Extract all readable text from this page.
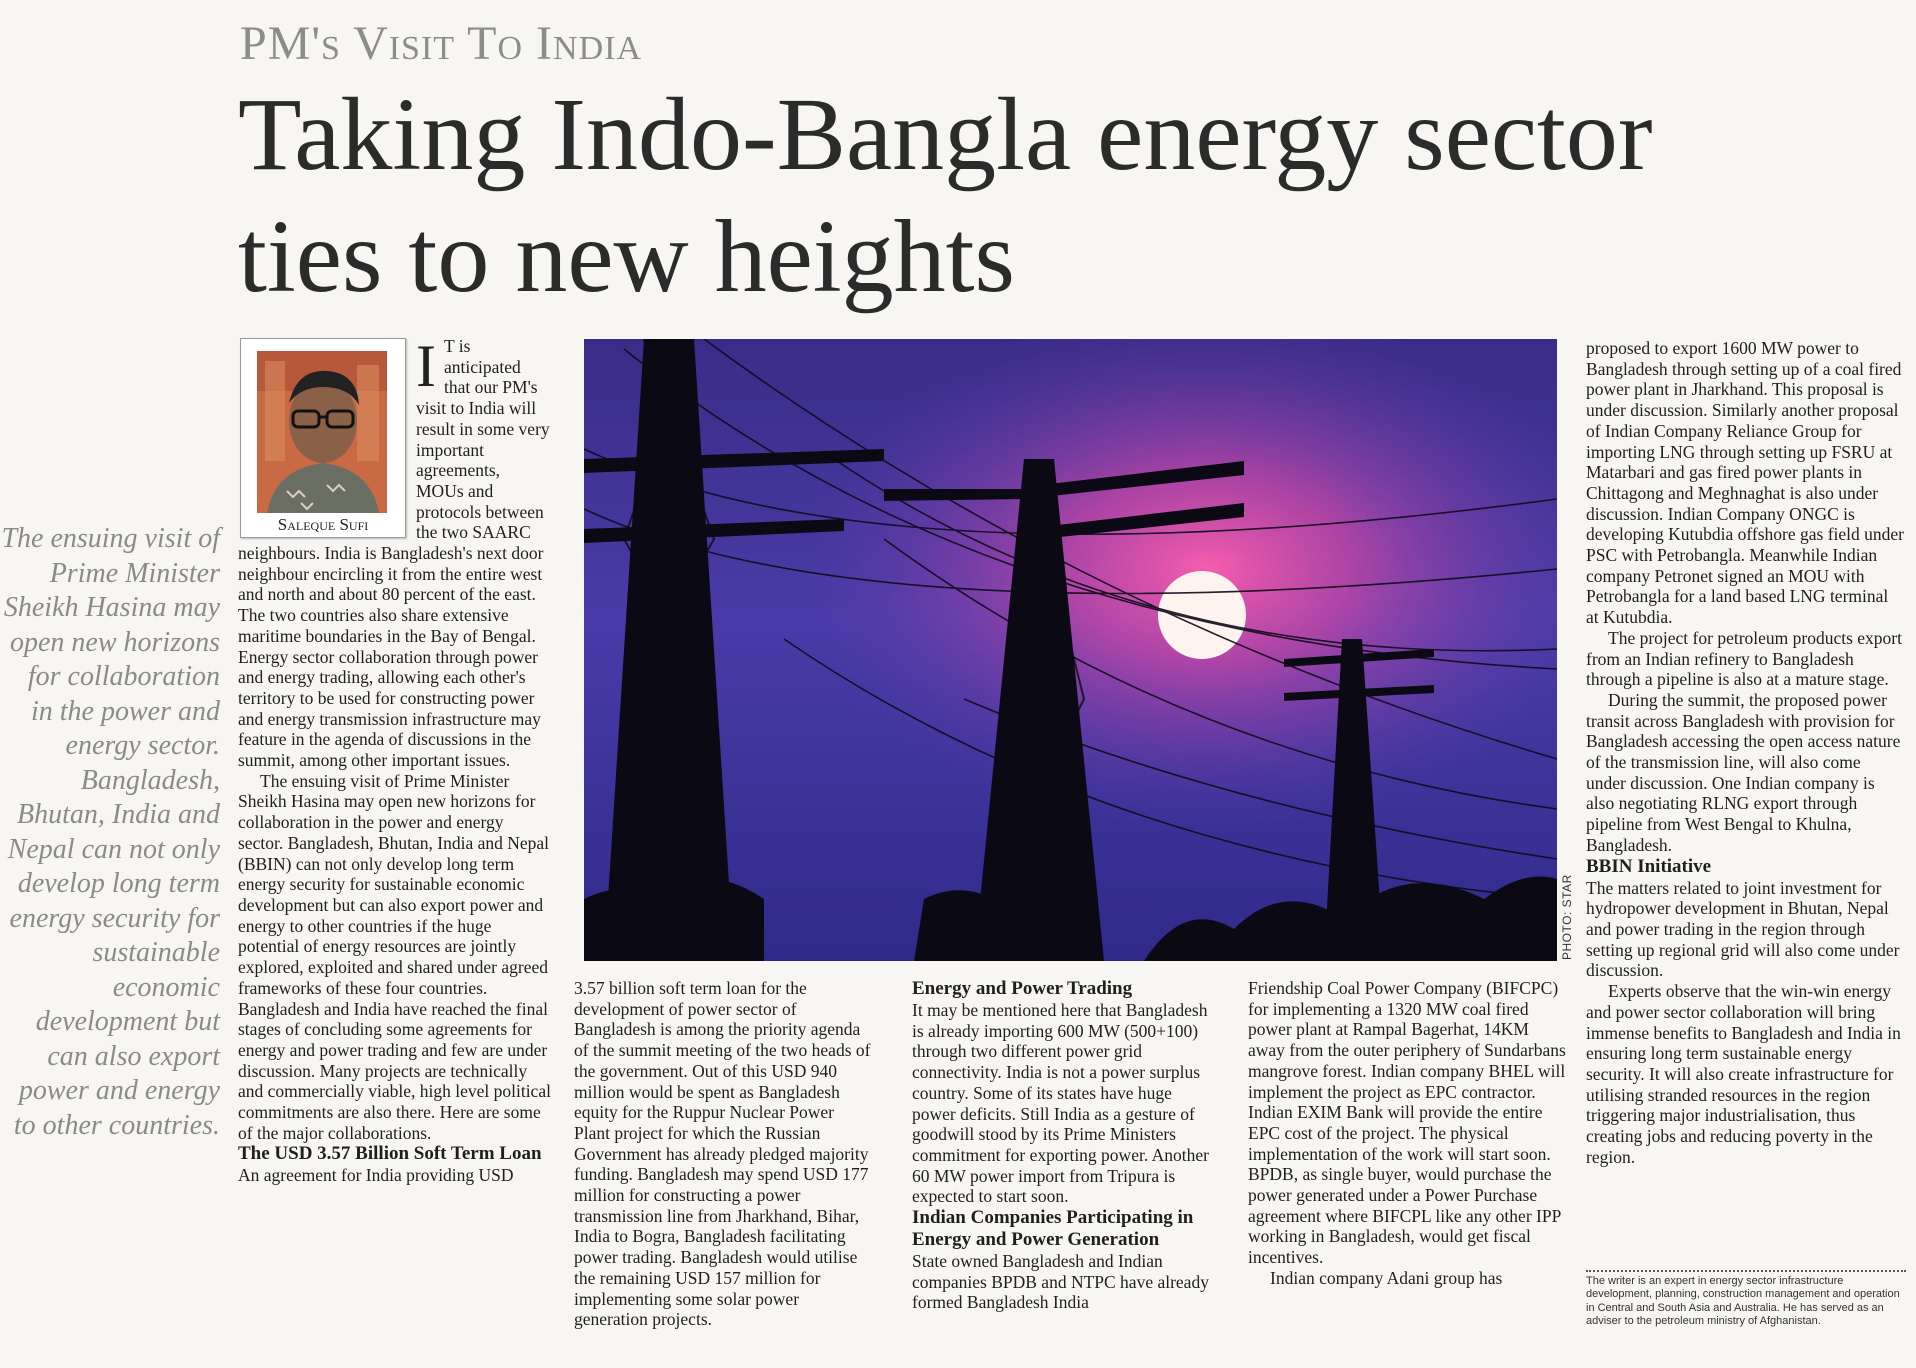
PM's Visit To India
Taking Indo-Bangla energy sector
ties to new heights
The ensuing visit of Prime Minister Sheikh Hasina may open new horizons for collaboration in the power and energy sector. Bangladesh, Bhutan, India and Nepal can not only develop long term energy security for sustainable economic development but can also export power and energy to other countries.
Saleque Sufi

I T is anticipated that our PM's visit to India will result in some very important agreements, MOUs and protocols between the two SAARC neighbours. India is Bangladesh's next door neighbour encircling it from the entire west and north and about 80 percent of the east. The two countries also share extensive maritime boundaries in the Bay of Bengal. Energy sector collaboration through power and energy trading, allowing each other's territory to be used for constructing power and energy transmission infrastructure may feature in the agenda of discussions in the summit, among other important issues.

The ensuing visit of Prime Minister Sheikh Hasina may open new horizons for collaboration in the power and energy sector. Bangladesh, Bhutan, India and Nepal (BBIN) can not only develop long term energy security for sustainable economic development but can also export power and energy to other countries if the huge potential of energy resources are jointly explored, exploited and shared under agreed frameworks of these four countries. Bangladesh and India have reached the final stages of concluding some agreements for energy and power trading and few are under discussion. Many projects are technically and commercially viable, high level political commitments are also there. Here are some of the major collaborations.

The USD 3.57 Billion Soft Term Loan

An agreement for India providing USD

PHOTO: STAR

3.57 billion soft term loan for the development of power sector of Bangladesh is among the priority agenda of the summit meeting of the two heads of the government. Out of this USD 940 million would be spent as Bangladesh equity for the Ruppur Nuclear Power Plant project for which the Russian Government has already pledged majority funding. Bangladesh may spend USD 177 million for constructing a power transmission line from Jharkhand, Bihar, India to Bogra, Bangladesh facilitating power trading. Bangladesh would utilise the remaining USD 157 million for implementing some solar power generation projects.

Energy and Power Trading

It may be mentioned here that Bangladesh is already importing 600 MW (500+100) through two different power grid connectivity. India is not a power surplus country. Some of its states have huge power deficits. Still India as a gesture of goodwill stood by its Prime Ministers commitment for exporting power. Another 60 MW power import from Tripura is expected to start soon.

Indian Companies Participating in Energy and Power Generation

State owned Bangladesh and Indian companies BPDB and NTPC have already formed Bangladesh India

Friendship Coal Power Company (BIFCPC) for implementing a 1320 MW coal fired power plant at Rampal Bagerhat, 14KM away from the outer periphery of Sundarbans mangrove forest. Indian company BHEL will implement the project as EPC contractor. Indian EXIM Bank will provide the entire EPC cost of the project. The physical implementation of the work will start soon. BPDB, as single buyer, would purchase the power generated under a Power Purchase agreement where BIFCPL like any other IPP working in Bangladesh, would get fiscal incentives.

Indian company Adani group has

proposed to export 1600 MW power to Bangladesh through setting up of a coal fired power plant in Jharkhand. This proposal is under discussion. Similarly another proposal of Indian Company Reliance Group for importing LNG through setting up FSRU at Matarbari and gas fired power plants in Chittagong and Meghnaghat is also under discussion. Indian Company ONGC is developing Kutubdia offshore gas field under PSC with Petrobangla. Meanwhile Indian company Petronet signed an MOU with Petrobangla for a land based LNG terminal at Kutubdia.

The project for petroleum products export from an Indian refinery to Bangladesh through a pipeline is also at a mature stage.

During the summit, the proposed power transit across Bangladesh with provision for Bangladesh accessing the open access nature of the transmission line, will also come under discussion. One Indian company is also negotiating RLNG export through pipeline from West Bengal to Khulna, Bangladesh.

BBIN Initiative

The matters related to joint investment for hydropower development in Bhutan, Nepal and power trading in the region through setting up regional grid will also come under discussion.

Experts observe that the win-win energy and power sector collaboration will bring immense benefits to Bangladesh and India in ensuring long term sustainable energy security. It will also create infrastructure for utilising stranded resources in the region triggering major industrialisation, thus creating jobs and reducing poverty in the region.

The writer is an expert in energy sector infrastructure development, planning, construction management and operation in Central and South Asia and Australia. He has served as an adviser to the petroleum ministry of Afghanistan.
